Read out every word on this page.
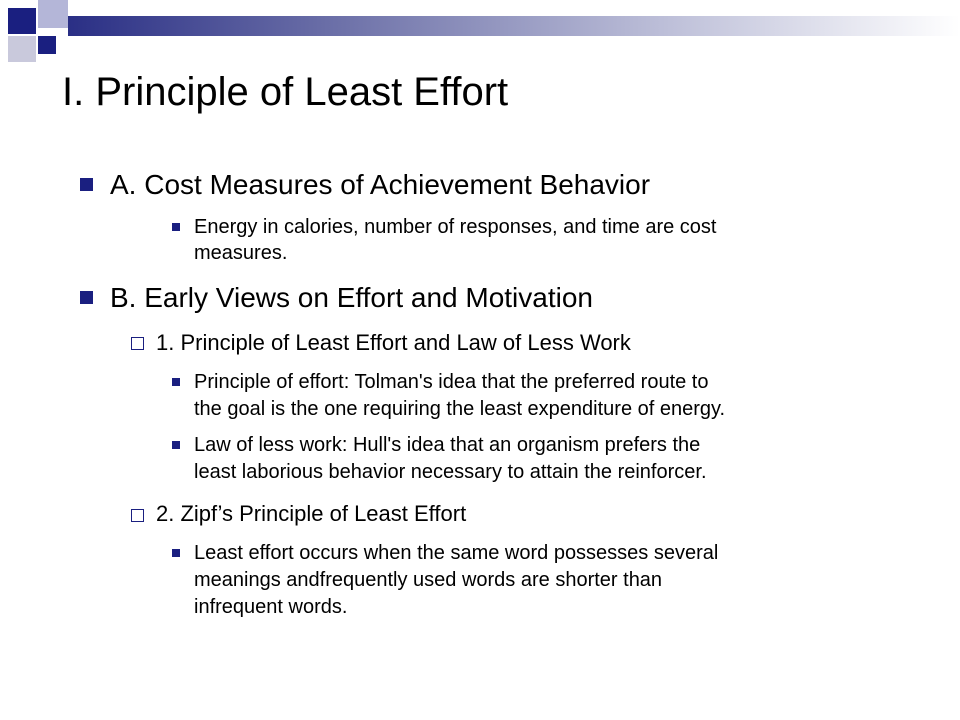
I. Principle of Least Effort
A. Cost Measures of Achievement Behavior
Energy in calories, number of responses, and time are cost
measures.
B. Early Views on Effort and Motivation
1. Principle of Least Effort and Law of Less Work
Principle of effort: Tolman's idea that the preferred route to
the goal is the one requiring the least expenditure of energy.
Law of less work: Hull's idea that an organism prefers the
least laborious behavior necessary to attain the reinforcer.
2. Zipf’s Principle of Least Effort
Least effort occurs when the same word possesses several
meanings andfrequently used words are shorter than
infrequent words.
